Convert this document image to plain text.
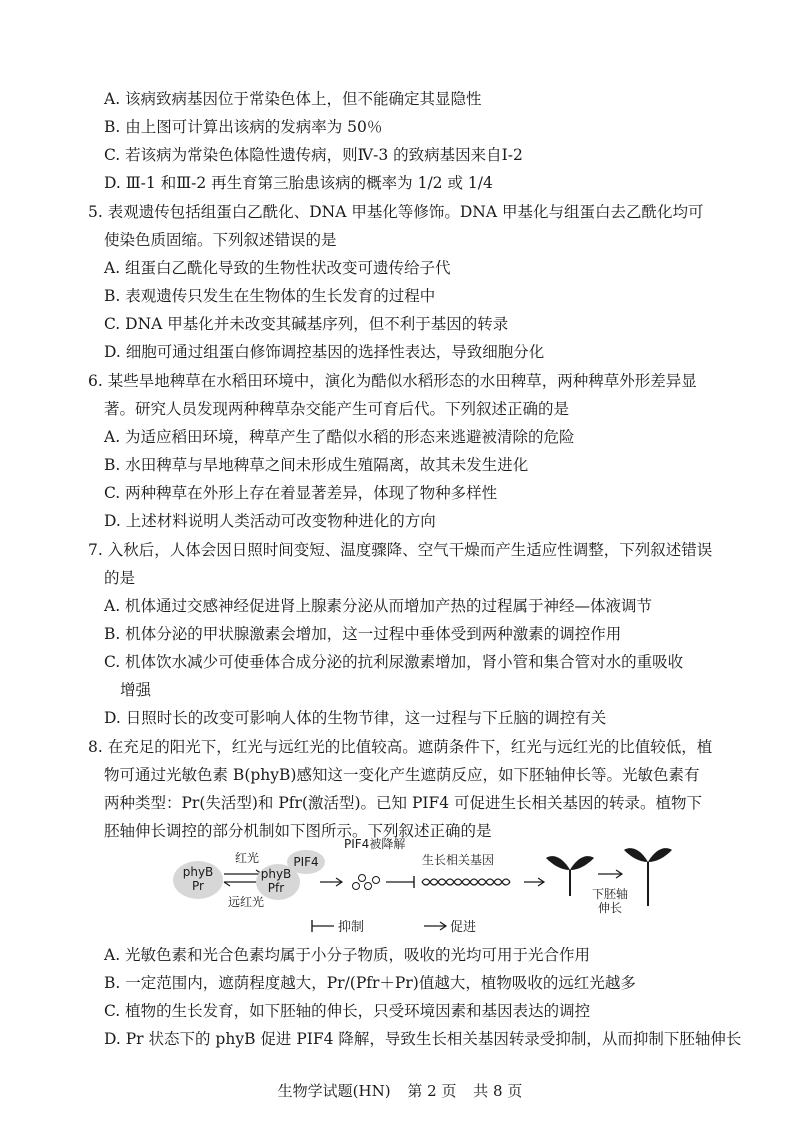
A. 该病致病基因位于常染色体上，但不能确定其显隐性
B. 由上图可计算出该病的发病率为 50％
C. 若该病为常染色体隐性遗传病，则Ⅳ-3 的致病基因来自Ⅰ-2
D. Ⅲ-1 和Ⅲ-2 再生育第三胎患该病的概率为 1/2 或 1/4
5. 表观遗传包括组蛋白乙酰化、DNA 甲基化等修饰。DNA 甲基化与组蛋白去乙酰化均可
使染色质固缩。下列叙述错误的是
A. 组蛋白乙酰化导致的生物性状改变可遗传给子代
B. 表观遗传只发生在生物体的生长发育的过程中
C. DNA 甲基化并未改变其碱基序列，但不利于基因的转录
D. 细胞可通过组蛋白修饰调控基因的选择性表达，导致细胞分化
6. 某些旱地稗草在水稻田环境中，演化为酷似水稻形态的水田稗草，两种稗草外形差异显
著。研究人员发现两种稗草杂交能产生可育后代。下列叙述正确的是
A. 为适应稻田环境，稗草产生了酷似水稻的形态来逃避被清除的危险
B. 水田稗草与旱地稗草之间未形成生殖隔离，故其未发生进化
C. 两种稗草在外形上存在着显著差异，体现了物种多样性
D. 上述材料说明人类活动可改变物种进化的方向
7. 入秋后，人体会因日照时间变短、温度骤降、空气干燥而产生适应性调整，下列叙述错误
的是
A. 机体通过交感神经促进肾上腺素分泌从而增加产热的过程属于神经—体液调节
B. 机体分泌的甲状腺激素会增加，这一过程中垂体受到两种激素的调控作用
C. 机体饮水减少可使垂体合成分泌的抗利尿激素增加，肾小管和集合管对水的重吸收
增强
D. 日照时长的改变可影响人体的生物节律，这一过程与下丘脑的调控有关
8. 在充足的阳光下，红光与远红光的比值较高。遮荫条件下，红光与远红光的比值较低，植
物可通过光敏色素 B(phyB)感知这一变化产生遮荫反应，如下胚轴伸长等。光敏色素有
两种类型：Pr(失活型)和 Pfr(激活型)。已知 PIF4 可促进生长相关基因的转录。植物下
胚轴伸长调控的部分机制如下图所示。下列叙述正确的是
phyB
Pr
红光
远红光
phyB
Pfr
PIF4
PIF4被降解
生长相关基因
下胚轴
伸长
抑制	促进
A. 光敏色素和光合色素均属于小分子物质，吸收的光均可用于光合作用
B. 一定范围内，遮荫程度越大，Pr/(Pfr＋Pr)值越大，植物吸收的远红光越多
C. 植物的生长发育，如下胚轴的伸长，只受环境因素和基因表达的调控
D. Pr 状态下的 phyB 促进 PIF4 降解，导致生长相关基因转录受抑制，从而抑制下胚轴伸长
生物学试题(HN) 第 2 页 共 8 页
